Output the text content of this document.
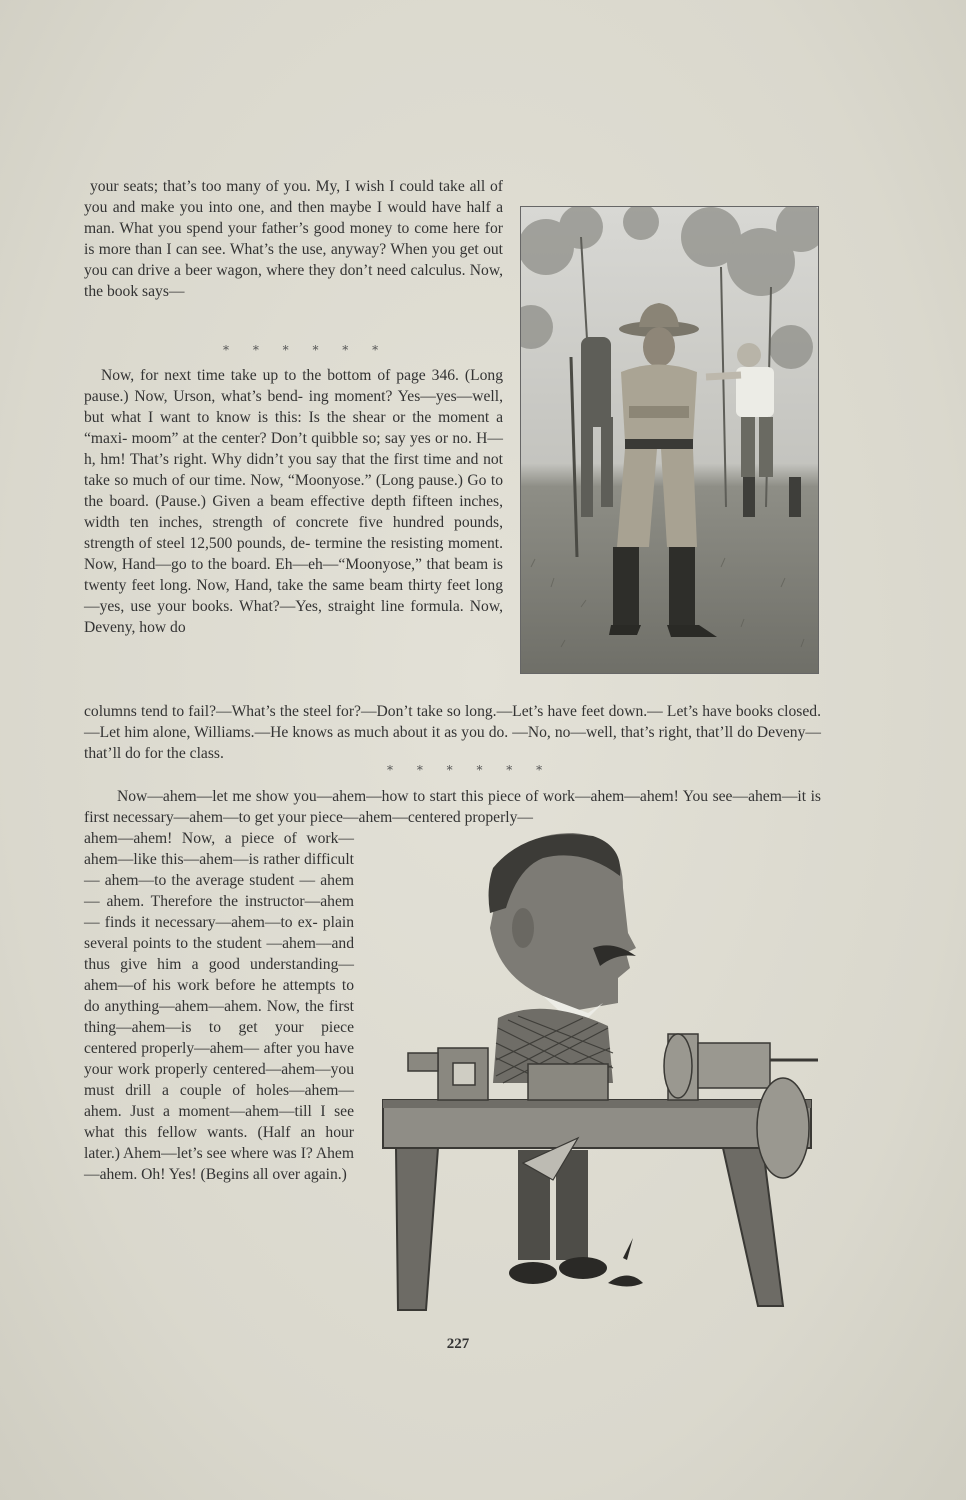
your seats; that’s too many of you. My, I wish I could take all of you and make you into one, and then maybe I would have half a man. What you spend your father’s good money to come here for is more than I can see. What’s the use, anyway? When you get out you can drive a beer wagon, where they don’t need calculus. Now, the book says—

* * * * * *

Now, for next time take up to the bottom of page 346. (Long pause.) Now, Urson, what’s bend- ing moment? Yes—yes—well, but what I want to know is this: Is the shear or the moment a “maxi- moom” at the center? Don’t quibble so; say yes or no. H—h, hm! That’s right. Why didn’t you say that the first time and not take so much of our time. Now, “Moonyose.” (Long pause.) Go to the board. (Pause.) Given a beam effective depth fifteen inches, width ten inches, strength of concrete five hundred pounds, strength of steel 12,500 pounds, de- termine the resisting moment. Now, Hand—go to the board. Eh—eh—“Moonyose,” that beam is twenty feet long. Now, Hand, take the same beam thirty feet long—yes, use your books. What?—Yes, straight line formula. Now, Deveny, how do

columns tend to fail?—What’s the steel for?—Don’t take so long.—Let’s have feet down.— Let’s have books closed.—Let him alone, Williams.—He knows as much about it as you do. —No, no—well, that’s right, that’ll do Deveny—that’ll do for the class.

* * * * * *

Now—ahem—let me show you—ahem—how to start this piece of work—ahem—ahem! You see—ahem—it is first necessary—ahem—to get your piece—ahem—centered properly—

ahem—ahem! Now, a piece of work—ahem—like this—ahem—is rather difficult — ahem—to the average student — ahem — ahem. Therefore the instructor—ahem— finds it necessary—ahem—to ex- plain several points to the student —ahem—and thus give him a good understanding—ahem—of his work before he attempts to do anything—ahem—ahem. Now, the first thing—ahem—is to get your piece centered properly—ahem— after you have your work properly centered—ahem—you must drill a couple of holes—ahem—ahem. Just a moment—ahem—till I see what this fellow wants. (Half an hour later.) Ahem—let’s see where was I? Ahem—ahem. Oh! Yes! (Begins all over again.)

227
